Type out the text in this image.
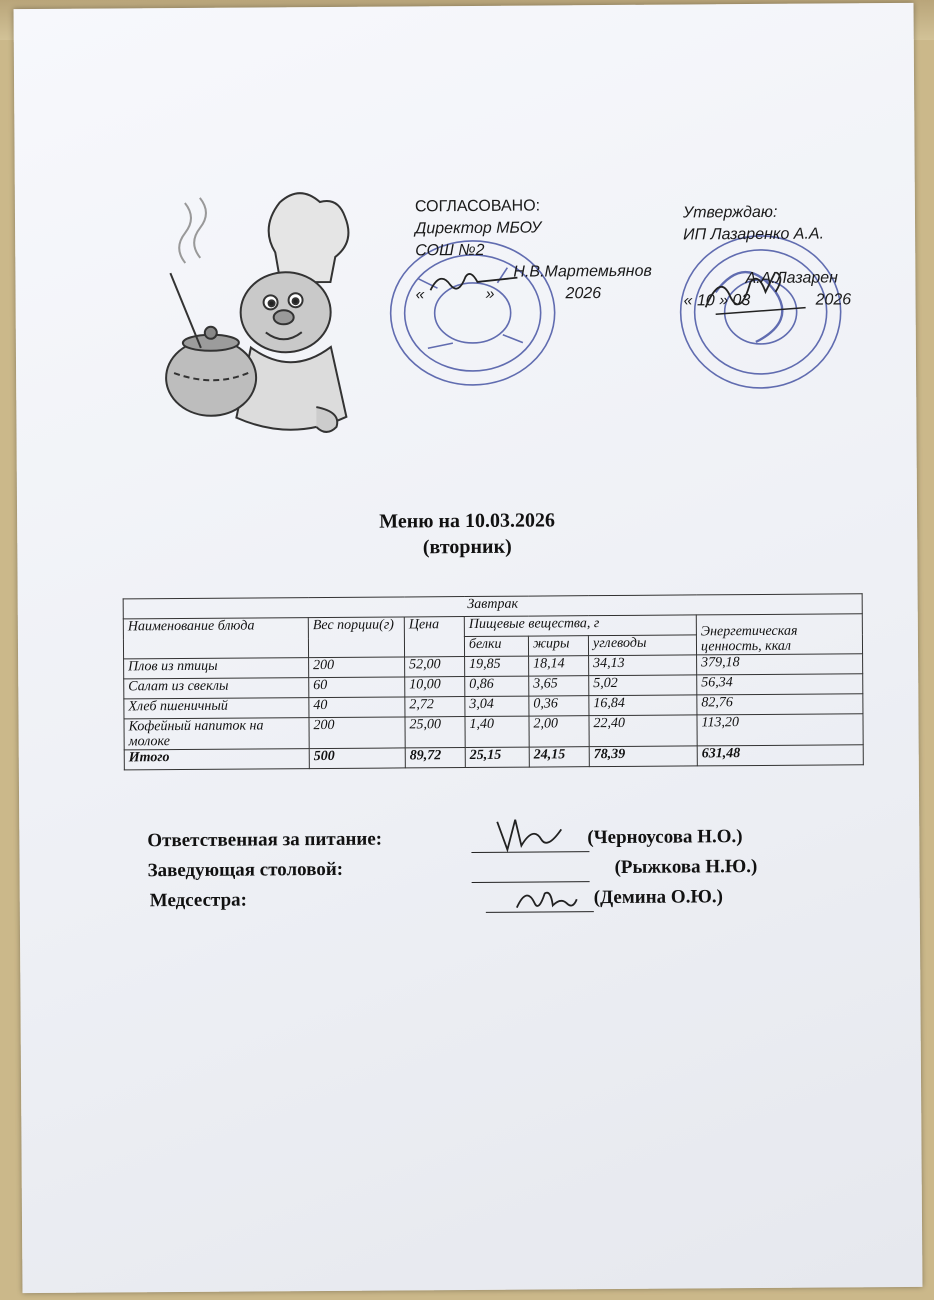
СОГЛАСОВАНО:
Директор МБОУ
СОШ №2
Н.В.Мартемьянов
«	»	2026
Утверждаю:
ИП Лазаренко А.А.
А.А.Лазарен
« 10 » 03	2026
Меню на 10.03.2026
(вторник)
Завтрак						
Наименование блюда	Вес порции(г)	Цена	Пищевые вещества, г			Энергетическая ценность, ккал
			белки	жиры	углеводы	
Плов из птицы	200	52,00	19,85	18,14	34,13	379,18
Салат из свеклы	60	10,00	0,86	3,65	5,02	56,34
Хлеб пшеничный	40	2,72	3,04	0,36	16,84	82,76
Кофейный напиток на молоке	200	25,00	1,40	2,00	22,40	113,20
Итого	500	89,72	25,15	24,15	78,39	631,48
Ответственная за питание:	(Черноусова Н.О.)
Заведующая столовой:	(Рыжкова Н.Ю.)
Медсестра:	(Демина О.Ю.)
